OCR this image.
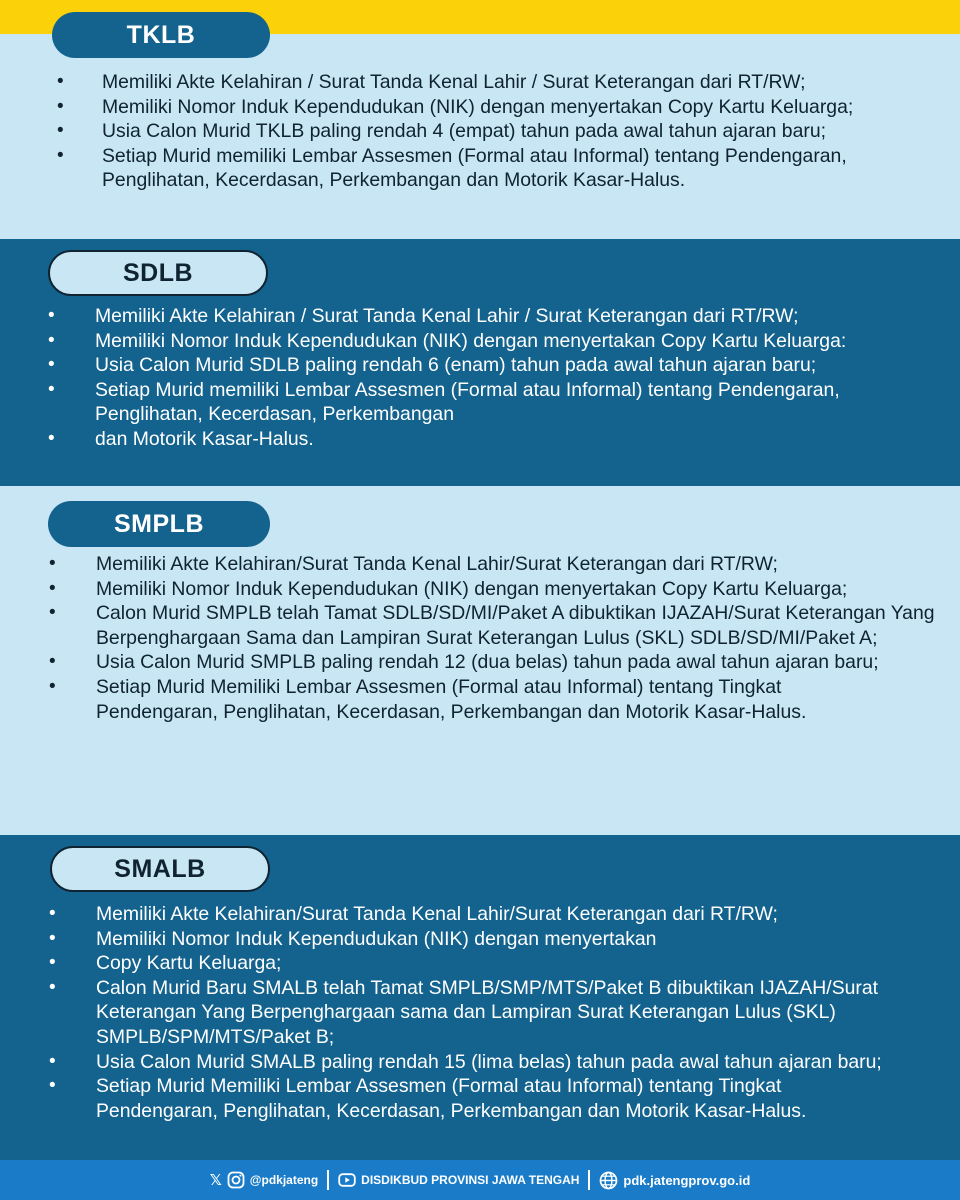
TKLB
• Memiliki Akte Kelahiran / Surat Tanda Kenal Lahir / Surat Keterangan dari RT/RW;
• Memiliki Nomor Induk Kependudukan (NIK) dengan menyertakan Copy Kartu Keluarga;
• Usia Calon Murid TKLB paling rendah 4 (empat) tahun pada awal tahun ajaran baru;
• Setiap Murid memiliki Lembar Assesmen (Formal atau Informal) tentang Pendengaran, Penglihatan, Kecerdasan, Perkembangan dan Motorik Kasar-Halus.
SDLB
• Memiliki Akte Kelahiran / Surat Tanda Kenal Lahir / Surat Keterangan dari RT/RW;
• Memiliki Nomor Induk Kependudukan (NIK) dengan menyertakan Copy Kartu Keluarga:
• Usia Calon Murid SDLB paling rendah 6 (enam) tahun pada awal tahun ajaran baru;
• Setiap Murid memiliki Lembar Assesmen (Formal atau Informal) tentang Pendengaran, Penglihatan, Kecerdasan, Perkembangan
• dan Motorik Kasar-Halus.
SMPLB
• Memiliki Akte Kelahiran/Surat Tanda Kenal Lahir/Surat Keterangan dari RT/RW;
• Memiliki Nomor Induk Kependudukan (NIK) dengan menyertakan Copy Kartu Keluarga;
• Calon Murid SMPLB telah Tamat SDLB/SD/MI/Paket A dibuktikan IJAZAH/Surat Keterangan Yang Berpenghargaan Sama dan Lampiran Surat Keterangan Lulus (SKL) SDLB/SD/MI/Paket A;
• Usia Calon Murid SMPLB paling rendah 12 (dua belas) tahun pada awal tahun ajaran baru;
• Setiap Murid Memiliki Lembar Assesmen (Formal atau Informal) tentang Tingkat Pendengaran, Penglihatan, Kecerdasan, Perkembangan dan Motorik Kasar-Halus.
SMALB
• Memiliki Akte Kelahiran/Surat Tanda Kenal Lahir/Surat Keterangan dari RT/RW;
• Memiliki Nomor Induk Kependudukan (NIK) dengan menyertakan
• Copy Kartu Keluarga;
• Calon Murid Baru SMALB telah Tamat SMPLB/SMP/MTS/Paket B dibuktikan IJAZAH/Surat Keterangan Yang Berpenghargaan sama dan Lampiran Surat Keterangan Lulus (SKL) SMPLB/SPM/MTS/Paket B;
• Usia Calon Murid SMALB paling rendah 15 (lima belas) tahun pada awal tahun ajaran baru;
• Setiap Murid Memiliki Lembar Assesmen (Formal atau Informal) tentang Tingkat Pendengaran, Penglihatan, Kecerdasan, Perkembangan dan Motorik Kasar-Halus.
𝕏 @pdkjateng	DISDIKBUD PROVINSI JAWA TENGAH	pdk.jatengprov.go.id
